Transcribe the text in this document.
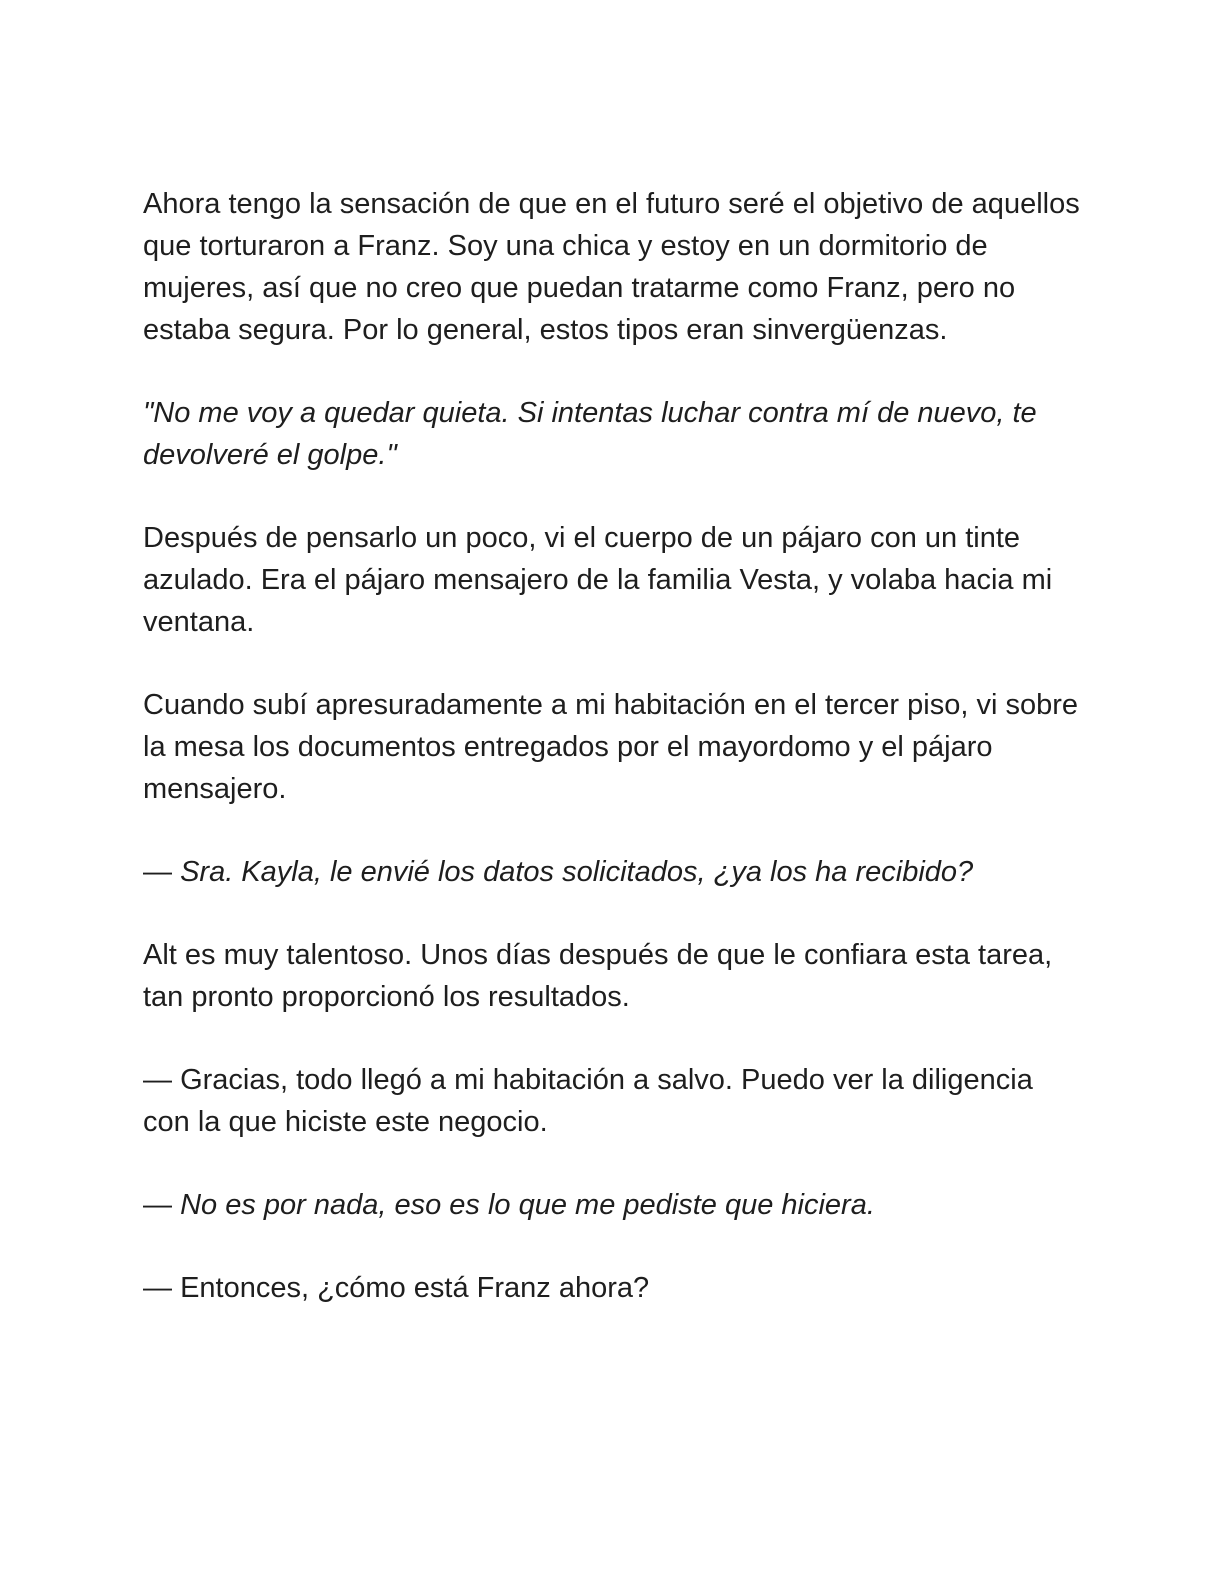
Ahora tengo la sensación de que en el futuro seré el objetivo de aquellos que torturaron a Franz. Soy una chica y estoy en un dormitorio de mujeres, así que no creo que puedan tratarme como Franz, pero no estaba segura. Por lo general, estos tipos eran sinvergüenzas.

"No me voy a quedar quieta. Si intentas luchar contra mí de nuevo, te devolveré el golpe."

Después de pensarlo un poco, vi el cuerpo de un pájaro con un tinte azulado. Era el pájaro mensajero de la familia Vesta, y volaba hacia mi ventana.

Cuando subí apresuradamente a mi habitación en el tercer piso, vi sobre la mesa los documentos entregados por el mayordomo y el pájaro mensajero.

— Sra. Kayla, le envié los datos solicitados, ¿ya los ha recibido?

Alt es muy talentoso. Unos días después de que le confiara esta tarea, tan pronto proporcionó los resultados.

— Gracias, todo llegó a mi habitación a salvo. Puedo ver la diligencia con la que hiciste este negocio.

— No es por nada, eso es lo que me pediste que hiciera.

— Entonces, ¿cómo está Franz ahora?
